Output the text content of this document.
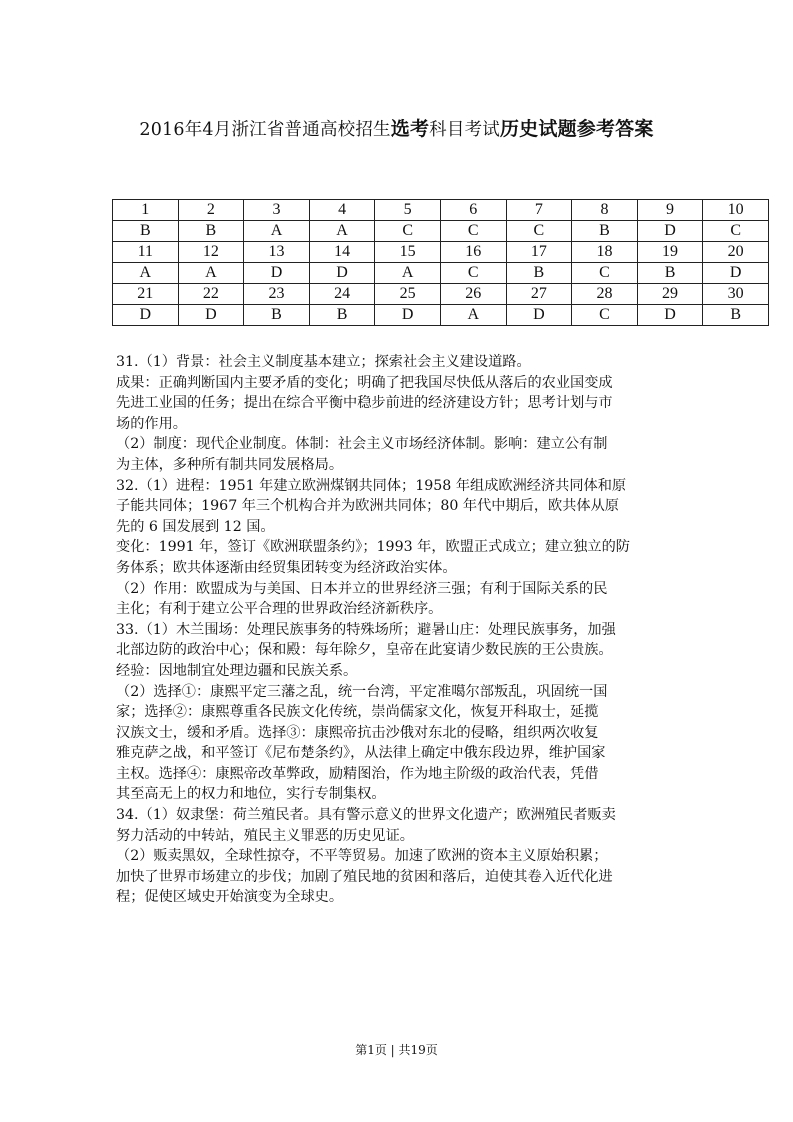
2016年4月浙江省普通高校招生选考科目考试历史试题参考答案
1	2	3	4	5	6	7	8	9	10
B	B	A	A	C	C	C	B	D	C
11	12	13	14	15	16	17	18	19	20
A	A	D	D	A	C	B	C	B	D
21	22	23	24	25	26	27	28	29	30
D	D	B	B	D	A	D	C	D	B

31.（1）背景：社会主义制度基本建立；探索社会主义建设道路。

成果：正确判断国内主要矛盾的变化；明确了把我国尽快低从落后的农业国变成

先进工业国的任务；提出在综合平衡中稳步前进的经济建设方针；思考计划与市

场的作用。

（2）制度：现代企业制度。体制：社会主义市场经济体制。影响：建立公有制

为主体，多种所有制共同发展格局。

32.（1）进程：1951 年建立欧洲煤钢共同体；1958 年组成欧洲经济共同体和原

子能共同体；1967 年三个机构合并为欧洲共同体；80 年代中期后，欧共体从原

先的 6 国发展到 12 国。

变化：1991 年，签订《欧洲联盟条约》；1993 年，欧盟正式成立；建立独立的防

务体系；欧共体逐渐由经贸集团转变为经济政治实体。

（2）作用：欧盟成为与美国、日本并立的世界经济三强；有利于国际关系的民

主化；有利于建立公平合理的世界政治经济新秩序。

33.（1）木兰围场：处理民族事务的特殊场所；避暑山庄：处理民族事务，加强

北部边防的政治中心；保和殿：每年除夕，皇帝在此宴请少数民族的王公贵族。

经验：因地制宜处理边疆和民族关系。

（2）选择①：康熙平定三藩之乱，统一台湾，平定准噶尔部叛乱，巩固统一国

家；选择②：康熙尊重各民族文化传统，崇尚儒家文化，恢复开科取士，延揽

汉族文士，缓和矛盾。选择③：康熙帝抗击沙俄对东北的侵略，组织两次收复

雅克萨之战，和平签订《尼布楚条约》，从法律上确定中俄东段边界，维护国家

主权。选择④：康熙帝改革弊政，励精图治，作为地主阶级的政治代表，凭借

其至高无上的权力和地位，实行专制集权。

34.（1）奴隶堡：荷兰殖民者。具有警示意义的世界文化遗产；欧洲殖民者贩卖

努力活动的中转站，殖民主义罪恶的历史见证。

（2）贩卖黑奴，全球性掠夺，不平等贸易。加速了欧洲的资本主义原始积累；

加快了世界市场建立的步伐；加剧了殖民地的贫困和落后，迫使其卷入近代化进

程；促使区域史开始演变为全球史。

第1页 | 共19页
